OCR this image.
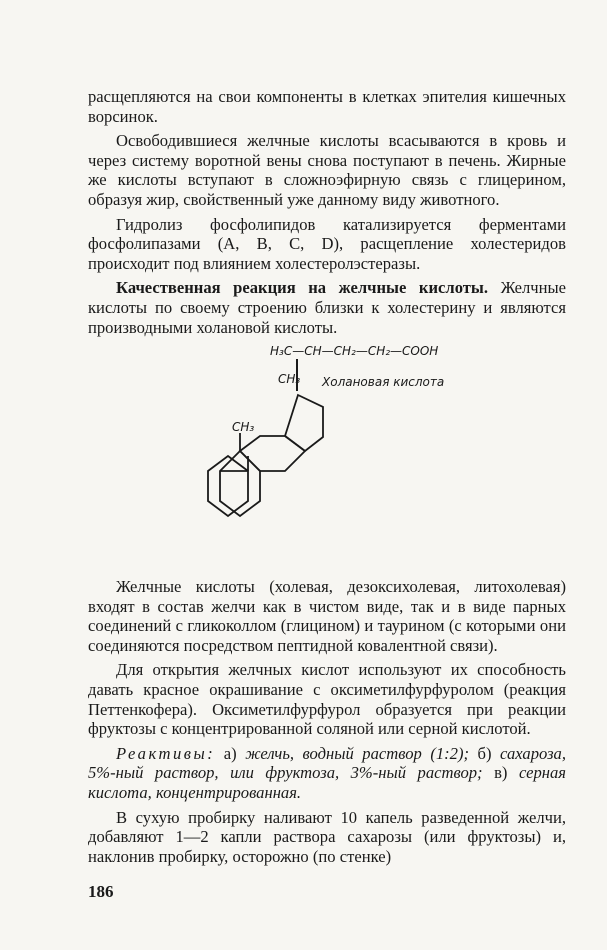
расщепляются на свои компоненты в клетках эпителия кишечных ворсинок.

Освободившиеся желчные кислоты всасываются в кровь и через систему воротной вены снова поступают в печень. Жирные же кислоты вступают в сложноэфирную связь с глицерином, образуя жир, свойственный уже данному виду животного.

Гидролиз фосфолипидов катализируется ферментами фосфолипазами (А, В, С, D), расщепление холестеридов происходит под влиянием холестеролэстеразы.

Качественная реакция на желчные кислоты. Желчные кислоты по своему строению близки к холестерину и являются производными холановой кислоты.

H₃C—CH—CH₂—CH₂—COOH
CH₃ Холановая кислота
CH₃

Желчные кислоты (холевая, дезоксихолевая, литохолевая) входят в состав желчи как в чистом виде, так и в виде парных соединений с гликоколлом (глицином) и таурином (с которыми они соединяются посредством пептидной ковалентной связи).

Для открытия желчных кислот используют их способность давать красное окрашивание с оксиметилфурфуролом (реакция Петтенкофера). Оксиметилфурфурол образуется при реакции фруктозы с концентрированной соляной или серной кислотой.

Реактивы: а) желчь, водный раствор (1:2); б) сахароза, 5%-ный раствор, или фруктоза, 3%-ный раствор; в) серная кислота, концентрированная.

В сухую пробирку наливают 10 капель разведенной желчи, добавляют 1—2 капли раствора сахарозы (или фруктозы) и, наклонив пробирку, осторожно (по стенке)

186
